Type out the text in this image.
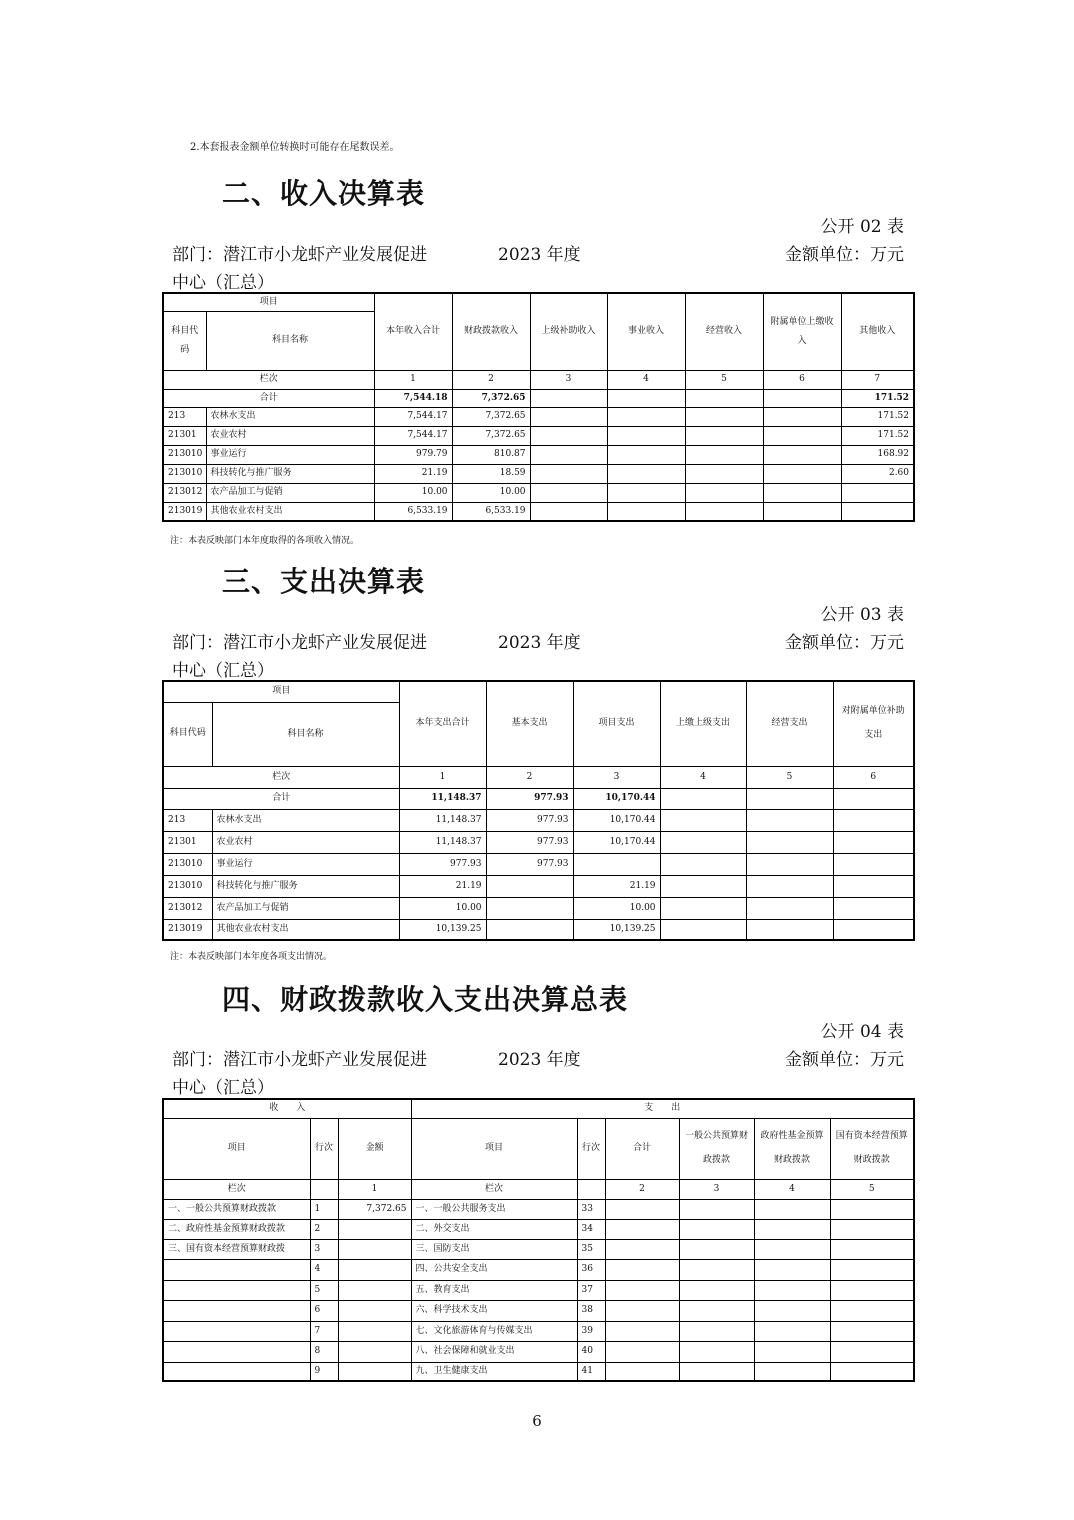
2.本套报表金额单位转换时可能存在尾数误差。
二、收入决算表
公开 02 表
部门：潜江市小龙虾产业发展促进	2023 年度	金额单位：万元
中心（汇总）
项目		本年收入合计	财政拨款收入	上级补助收入	事业收入	经营收入	附属单位上缴收入	其他收入
科目代码	科目名称							
栏次		1	2	3	4	5	6	7
合计		7,544.18	7,372.65					171.52
213	农林水支出	7,544.17	7,372.65					171.52
21301	农业农村	7,544.17	7,372.65					171.52
213010	事业运行	979.79	810.87					168.92
213010	科技转化与推广服务	21.19	18.59					2.60
213012	农产品加工与促销	10.00	10.00					
213019	其他农业农村支出	6,533.19	6,533.19					
注：本表反映部门本年度取得的各项收入情况。
三、支出决算表
公开 03 表
部门：潜江市小龙虾产业发展促进	2023 年度	金额单位：万元
中心（汇总）
项目		本年支出合计	基本支出	项目支出	上缴上级支出	经营支出	对附属单位补助支出
科目代码	科目名称						
栏次		1	2	3	4	5	6
合计		11,148.37	977.93	10,170.44			
213	农林水支出	11,148.37	977.93	10,170.44			
21301	农业农村	11,148.37	977.93	10,170.44			
213010	事业运行	977.93	977.93				
213010	科技转化与推广服务	21.19		21.19			
213012	农产品加工与促销	10.00		10.00			
213019	其他农业农村支出	10,139.25		10,139.25			
注：本表反映部门本年度各项支出情况。
四、财政拨款收入支出决算总表
公开 04 表
部门：潜江市小龙虾产业发展促进	2023 年度	金额单位：万元
中心（汇总）
收　　入			支　　出					
项目	行次	金额	项目	行次	合计	一般公共预算财政拨款	政府性基金预算财政拨款	国有资本经营预算财政拨款
栏次		1	栏次		2	3	4	5
一、一般公共预算财政拨款	1	7,372.65	一、一般公共服务支出	33				
二、政府性基金预算财政拨款	2		二、外交支出	34				
三、国有资本经营预算财政拨	3		三、国防支出	35				
	4		四、公共安全支出	36				
	5		五、教育支出	37				
	6		六、科学技术支出	38				
	7		七、文化旅游体育与传媒支出	39				
	8		八、社会保障和就业支出	40				
	9		九、卫生健康支出	41				
6
